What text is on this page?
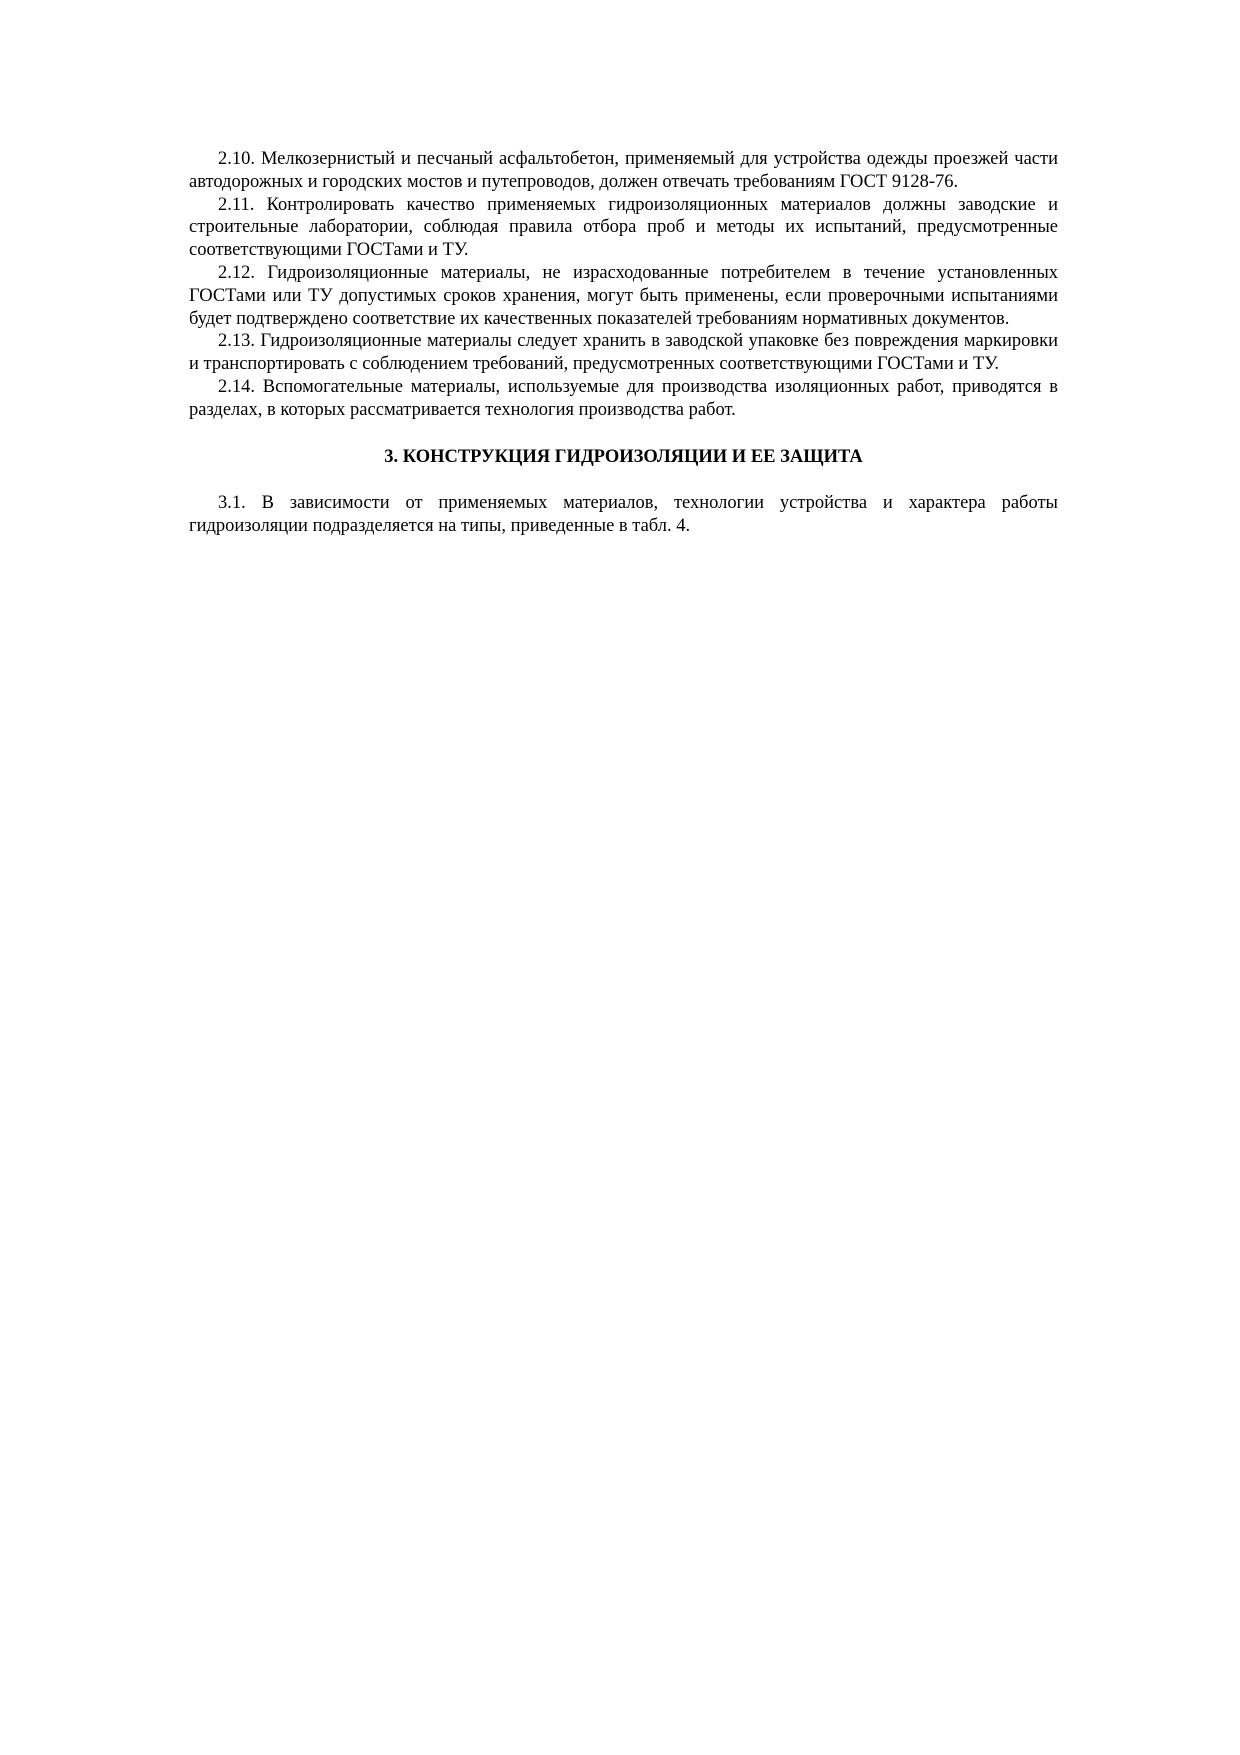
2.10. Мелкозернистый и песчаный асфальтобетон, применяемый для устройства одежды проезжей части автодорожных и городских мостов и путепроводов, должен отвечать требованиям ГОСТ 9128-76.

2.11. Контролировать качество применяемых гидроизоляционных материалов должны заводские и строительные лаборатории, соблюдая правила отбора проб и методы их испытаний, предусмотренные соответствующими ГОСТами и ТУ.

2.12. Гидроизоляционные материалы, не израсходованные потребителем в течение установленных ГОСТами или ТУ допустимых сроков хранения, могут быть применены, если проверочными испытаниями будет подтверждено соответствие их качественных показателей требованиям нормативных документов.

2.13. Гидроизоляционные материалы следует хранить в заводской упаковке без повреждения маркировки и транспортировать с соблюдением требований, предусмотренных соответствующими ГОСТами и ТУ.

2.14. Вспомогательные материалы, используемые для производства изоляционных работ, приводятся в разделах, в которых рассматривается технология производства работ.

3. КОНСТРУКЦИЯ ГИДРОИЗОЛЯЦИИ И ЕЕ ЗАЩИТА

3.1. В зависимости от применяемых материалов, технологии устройства и характера работы гидроизоляции подразделяется на типы, приведенные в табл. 4.
